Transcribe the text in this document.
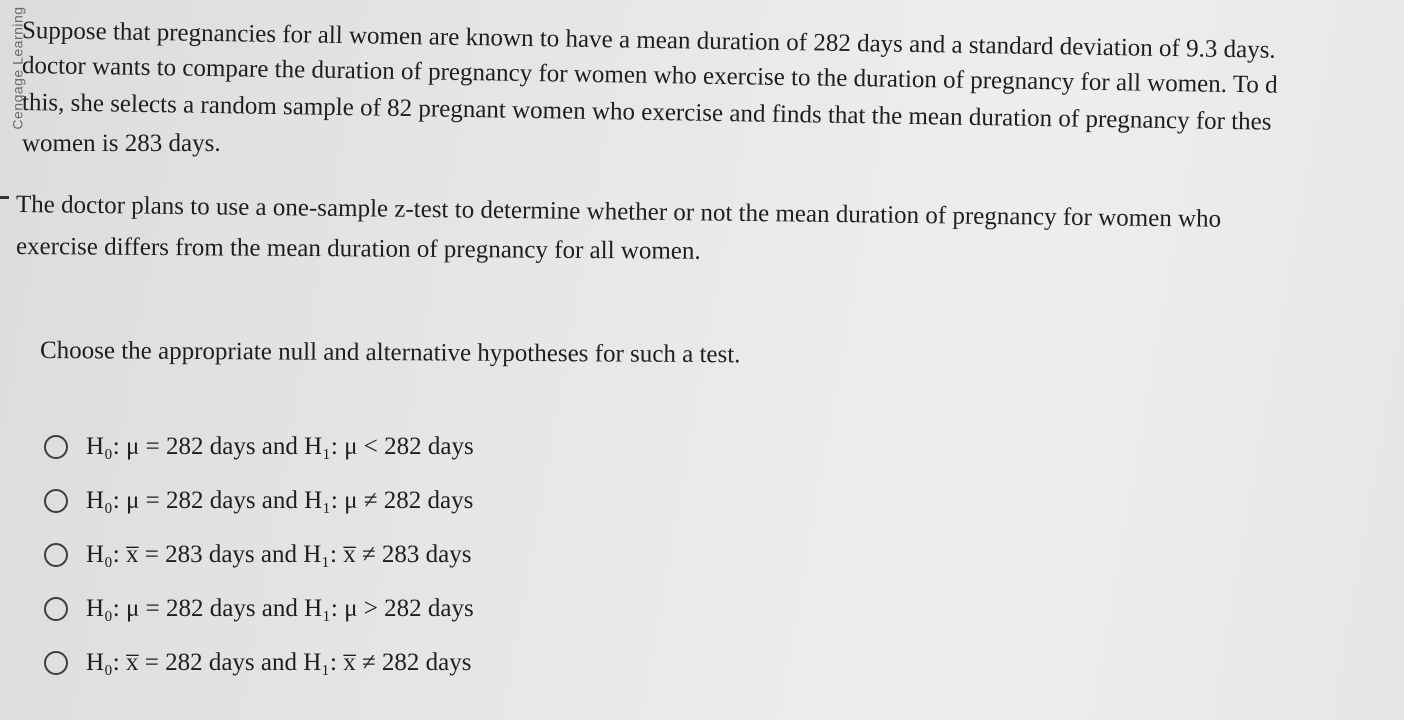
Cengage Learning
Suppose that pregnancies for all women are known to have a mean duration of 282 days and a standard deviation of 9.3 days.
doctor wants to compare the duration of pregnancy for women who exercise to the duration of pregnancy for all women. To d
this, she selects a random sample of 82 pregnant women who exercise and finds that the mean duration of pregnancy for thes
women is 283 days.
The doctor plans to use a one-sample z-test to determine whether or not the mean duration of pregnancy for women who
exercise differs from the mean duration of pregnancy for all women.
Choose the appropriate null and alternative hypotheses for such a test.
H₀: μ = 282 days and H₁: μ < 282 days
H₀: μ = 282 days and H₁: μ ≠ 282 days
H₀: x̅ = 283 days and H₁: x̅ ≠ 283 days
H₀: μ = 282 days and H₁: μ > 282 days
H₀: x̅ = 282 days and H₁: x̅ ≠ 282 days
